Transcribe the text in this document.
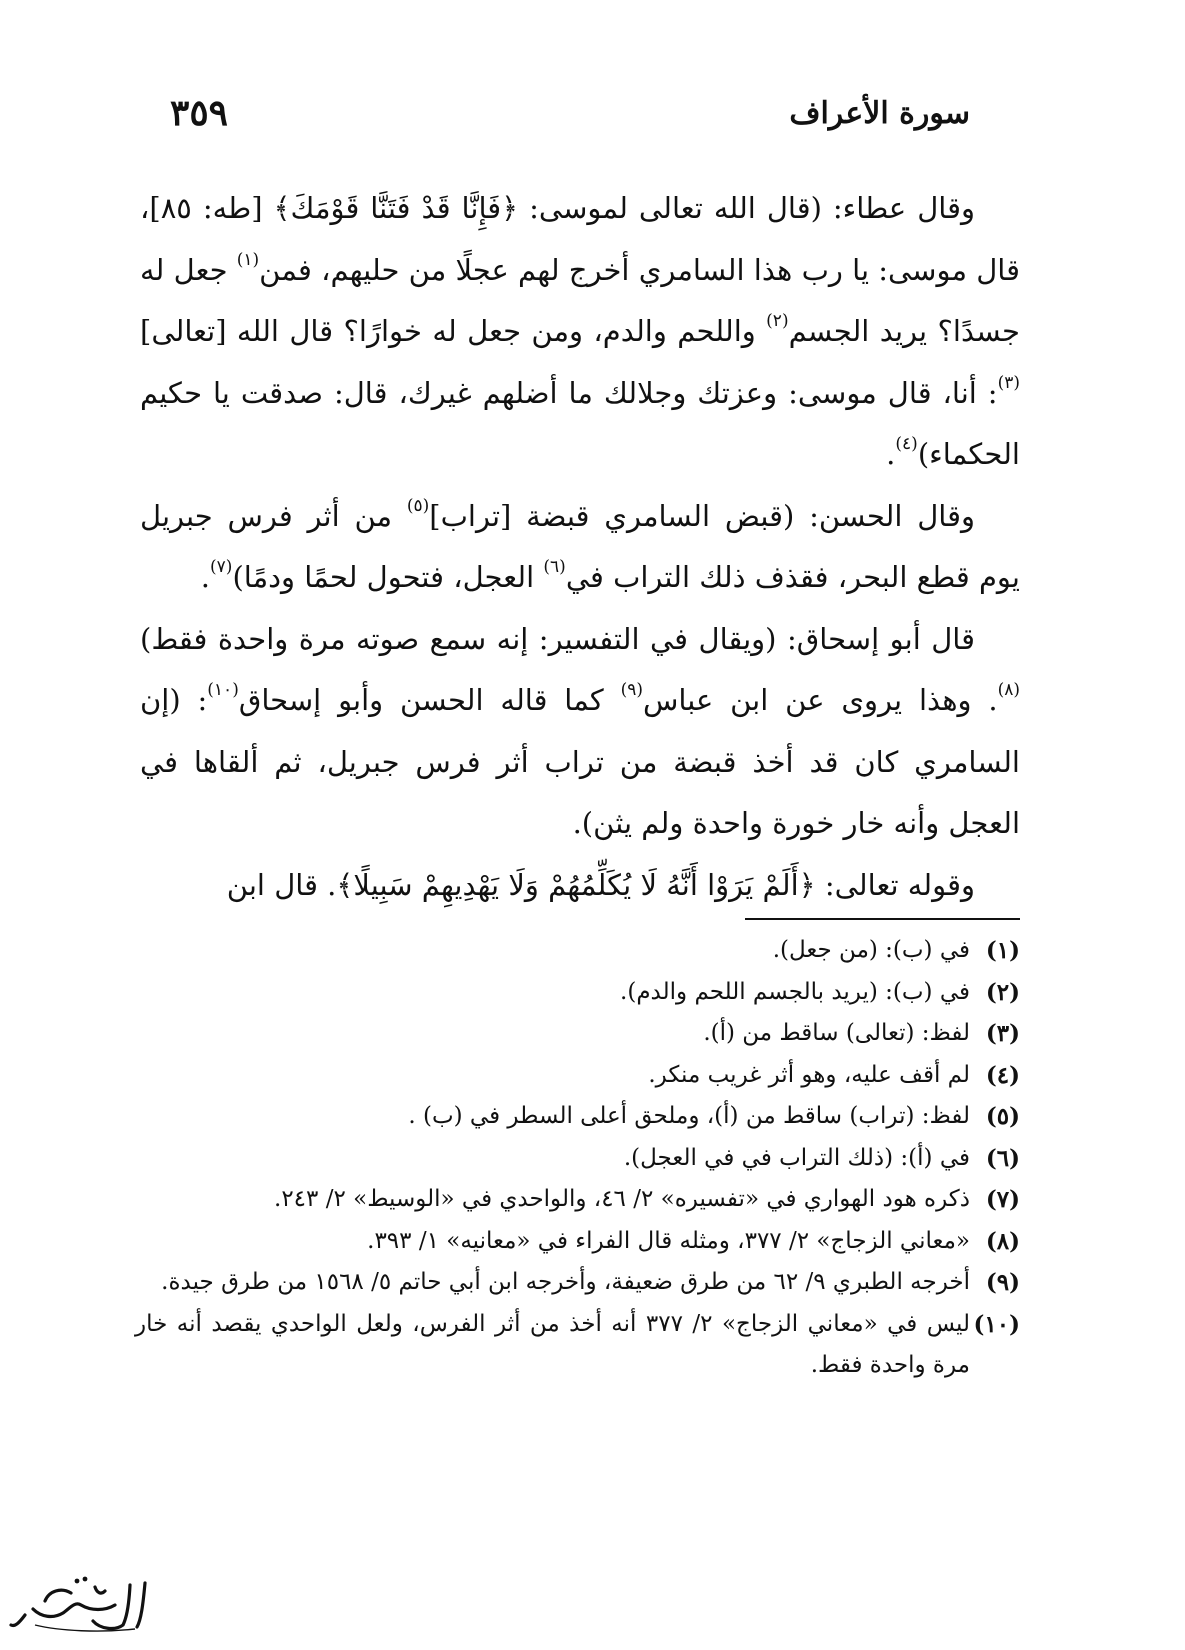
سورة الأعراف
٣٥٩

وقال عطاء: (قال الله تعالى لموسى: ﴿فَإِنَّا قَدْ فَتَنَّا قَوْمَكَ﴾ [طه: ٨٥]، قال موسى: يا رب هذا السامري أخرج لهم عجلًا من حليهم، فمن$^{(١)}$ جعل له جسدًا؟ يريد الجسم$^{(٢)}$ واللحم والدم، ومن جعل له خوارًا؟ قال الله [تعالى]$^{(٣)}$: أنا، قال موسى: وعزتك وجلالك ما أضلهم غيرك، قال: صدقت يا حكيم الحكماء)$^{(٤)}$.

وقال الحسن: (قبض السامري قبضة [تراب]$^{(٥)}$ من أثر فرس جبريل يوم قطع البحر، فقذف ذلك التراب في$^{(٦)}$ العجل، فتحول لحمًا ودمًا)$^{(٧)}$.

قال أبو إسحاق: (ويقال في التفسير: إنه سمع صوته مرة واحدة فقط)$^{(٨)}$. وهذا يروى عن ابن عباس$^{(٩)}$ كما قاله الحسن وأبو إسحاق$^{(١٠)}$: (إن السامري كان قد أخذ قبضة من تراب أثر فرس جبريل، ثم ألقاها في العجل وأنه خار خورة واحدة ولم يثن).

وقوله تعالى: ﴿أَلَمْ يَرَوْا أَنَّهُ لَا يُكَلِّمُهُمْ وَلَا يَهْدِيهِمْ سَبِيلًا﴾. قال ابن

(١)
في (ب): (من جعل).
(٢)
في (ب): (يريد بالجسم اللحم والدم).
(٣)
لفظ: (تعالى) ساقط من (أ).
(٤)
لم أقف عليه، وهو أثر غريب منكر.
(٥)
لفظ: (تراب) ساقط من (أ)، وملحق أعلى السطر في (ب) .
(٦)
في (أ): (ذلك التراب في في العجل).
(٧)
ذكره هود الهواري في «تفسيره» ٢/ ٤٦، والواحدي في «الوسيط» ٢/ ٢٤٣.
(٨)
«معاني الزجاج» ٢/ ٣٧٧، ومثله قال الفراء في «معانيه» ١/ ٣٩٣.
(٩)
أخرجه الطبري ٩/ ٦٢ من طرق ضعيفة، وأخرجه ابن أبي حاتم ٥/ ١٥٦٨ من طرق جيدة.
(١٠)
ليس في «معاني الزجاج» ٢/ ٣٧٧ أنه أخذ من أثر الفرس، ولعل الواحدي يقصد أنه خار مرة واحدة فقط.
